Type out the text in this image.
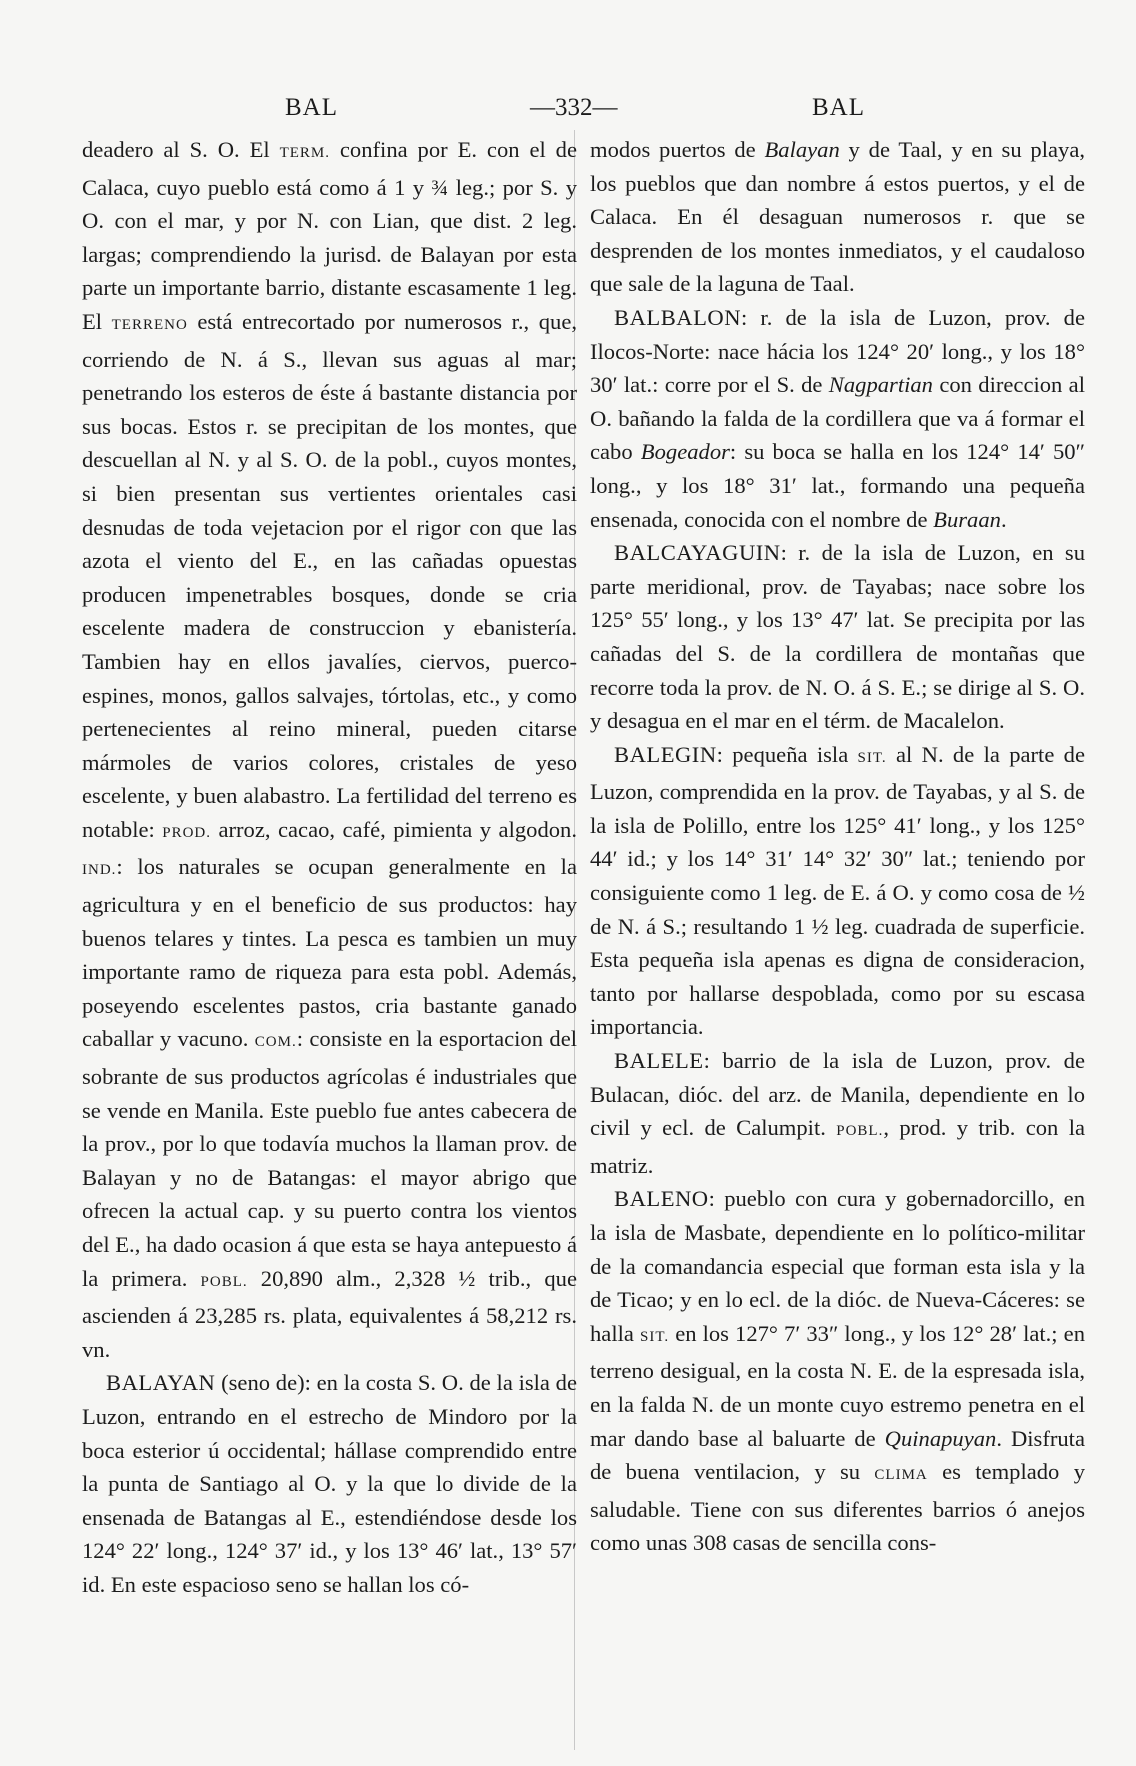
BAL	—332—	BAL

deadero al S. O. El TERM. confina por E. con el de Calaca, cuyo pueblo está como á 1 y ¾ leg.; por S. y O. con el mar, y por N. con Lian, que dist. 2 leg. largas; comprendiendo la jurisd. de Balayan por esta parte un importante barrio, distante escasamente 1 leg. El TERRENO está entrecortado por numerosos r., que, corriendo de N. á S., llevan sus aguas al mar; penetrando los esteros de éste á bastante distancia por sus bocas. Estos r. se precipitan de los montes, que descuellan al N. y al S. O. de la pobl., cuyos montes, si bien presentan sus vertientes orientales casi desnudas de toda vejetacion por el rigor con que las azota el viento del E., en las cañadas opuestas producen impenetrables bosques, donde se cria escelente madera de construccion y ebanistería. Tambien hay en ellos javalíes, ciervos, puerco-espines, monos, gallos salvajes, tórtolas, etc., y como pertenecientes al reino mineral, pueden citarse mármoles de varios colores, cristales de yeso escelente, y buen alabastro. La fertilidad del terreno es notable: PROD. arroz, cacao, café, pimienta y algodon. IND.: los naturales se ocupan generalmente en la agricultura y en el beneficio de sus productos: hay buenos telares y tintes. La pesca es tambien un muy importante ramo de riqueza para esta pobl. Además, poseyendo escelentes pastos, cria bastante ganado caballar y vacuno. COM.: consiste en la esportacion del sobrante de sus productos agrícolas é industriales que se vende en Manila. Este pueblo fue antes cabecera de la prov., por lo que todavía muchos la llaman prov. de Balayan y no de Batangas: el mayor abrigo que ofrecen la actual cap. y su puerto contra los vientos del E., ha dado ocasion á que esta se haya antepuesto á la primera. POBL. 20,890 alm., 2,328 ½ trib., que ascienden á 23,285 rs. plata, equivalentes á 58,212 rs. vn.

BALAYAN (seno de): en la costa S. O. de la isla de Luzon, entrando en el estrecho de Mindoro por la boca esterior ú occidental; hállase comprendido entre la punta de Santiago al O. y la que lo divide de la ensenada de Batangas al E., estendiéndose desde los 124° 22′ long., 124° 37′ id., y los 13° 46′ lat., 13° 57′ id. En este espacioso seno se hallan los có-

modos puertos de Balayan y de Taal, y en su playa, los pueblos que dan nombre á estos puertos, y el de Calaca. En él desaguan numerosos r. que se desprenden de los montes inmediatos, y el caudaloso que sale de la laguna de Taal.

BALBALON: r. de la isla de Luzon, prov. de Ilocos-Norte: nace hácia los 124° 20′ long., y los 18° 30′ lat.: corre por el S. de Nagpartian con direccion al O. bañando la falda de la cordillera que va á formar el cabo Bogeador: su boca se halla en los 124° 14′ 50″ long., y los 18° 31′ lat., formando una pequeña ensenada, conocida con el nombre de Buraan.

BALCAYAGUIN: r. de la isla de Luzon, en su parte meridional, prov. de Tayabas; nace sobre los 125° 55′ long., y los 13° 47′ lat. Se precipita por las cañadas del S. de la cordillera de montañas que recorre toda la prov. de N. O. á S. E.; se dirige al S. O. y desagua en el mar en el térm. de Macalelon.

BALEGIN: pequeña isla SIT. al N. de la parte de Luzon, comprendida en la prov. de Tayabas, y al S. de la isla de Polillo, entre los 125° 41′ long., y los 125° 44′ id.; y los 14° 31′ 14° 32′ 30″ lat.; teniendo por consiguiente como 1 leg. de E. á O. y como cosa de ½ de N. á S.; resultando 1 ½ leg. cuadrada de superficie. Esta pequeña isla apenas es digna de consideracion, tanto por hallarse despoblada, como por su escasa importancia.

BALELE: barrio de la isla de Luzon, prov. de Bulacan, dióc. del arz. de Manila, dependiente en lo civil y ecl. de Calumpit. POBL., prod. y trib. con la matriz.

BALENO: pueblo con cura y gobernadorcillo, en la isla de Masbate, dependiente en lo político-militar de la comandancia especial que forman esta isla y la de Ticao; y en lo ecl. de la dióc. de Nueva-Cáceres: se halla SIT. en los 127° 7′ 33″ long., y los 12° 28′ lat.; en terreno desigual, en la costa N. E. de la espresada isla, en la falda N. de un monte cuyo estremo penetra en el mar dando base al baluarte de Quinapuyan. Disfruta de buena ventilacion, y su CLIMA es templado y saludable. Tiene con sus diferentes barrios ó anejos como unas 308 casas de sencilla cons-
